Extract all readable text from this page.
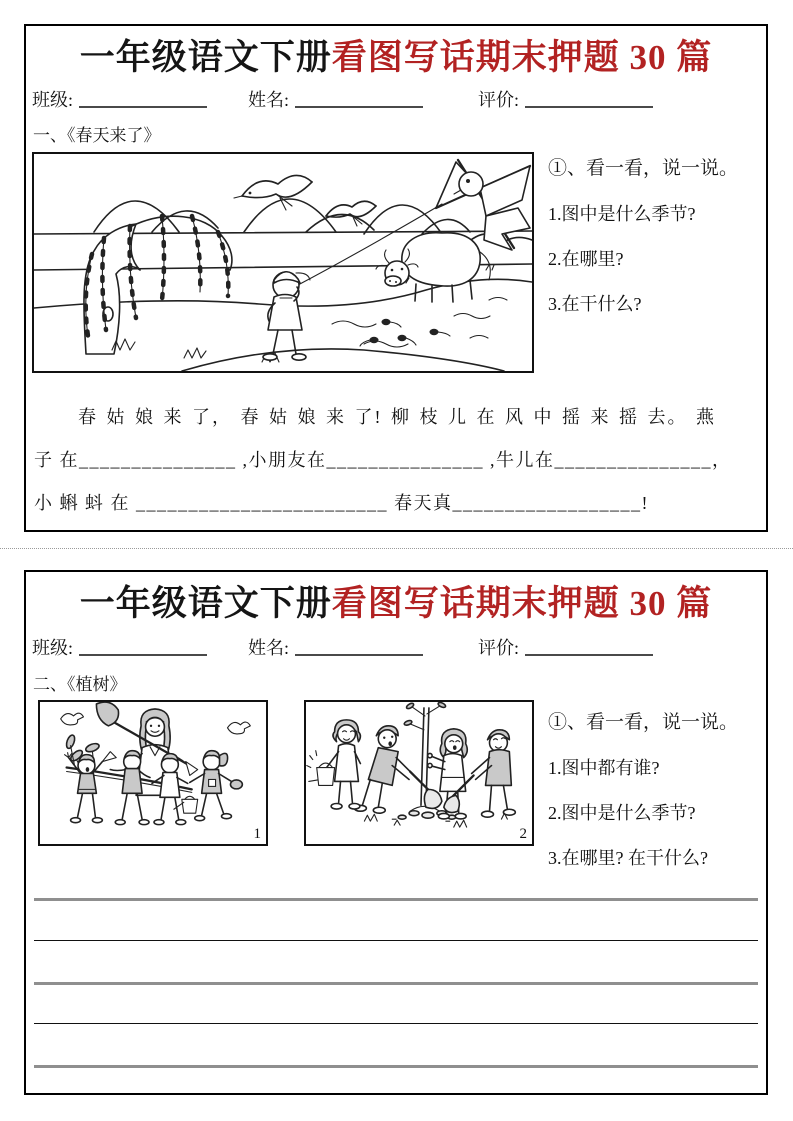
一年级语文下册看图写话期末押题 30 篇
班级:	姓名:	评价:
一、《春天来了》
①、看一看，说一说。
1.图中是什么季节?
2.在哪里?
3.在干什么?
春 姑 娘 来 了， 春 姑 娘 来 了! 柳 枝 儿 在 风 中 摇 来 摇 去。 燕
子 在_______________ ,小朋友在_______________ ,牛儿在_______________，
小 蝌 蚪 在 ________________________ 春天真__________________!
一年级语文下册看图写话期末押题 30 篇
班级:	姓名:	评价:
二、《植树》
1	2
①、看一看，说一说。
1.图中都有谁?
2.图中是什么季节?
3.在哪里? 在干什么?
